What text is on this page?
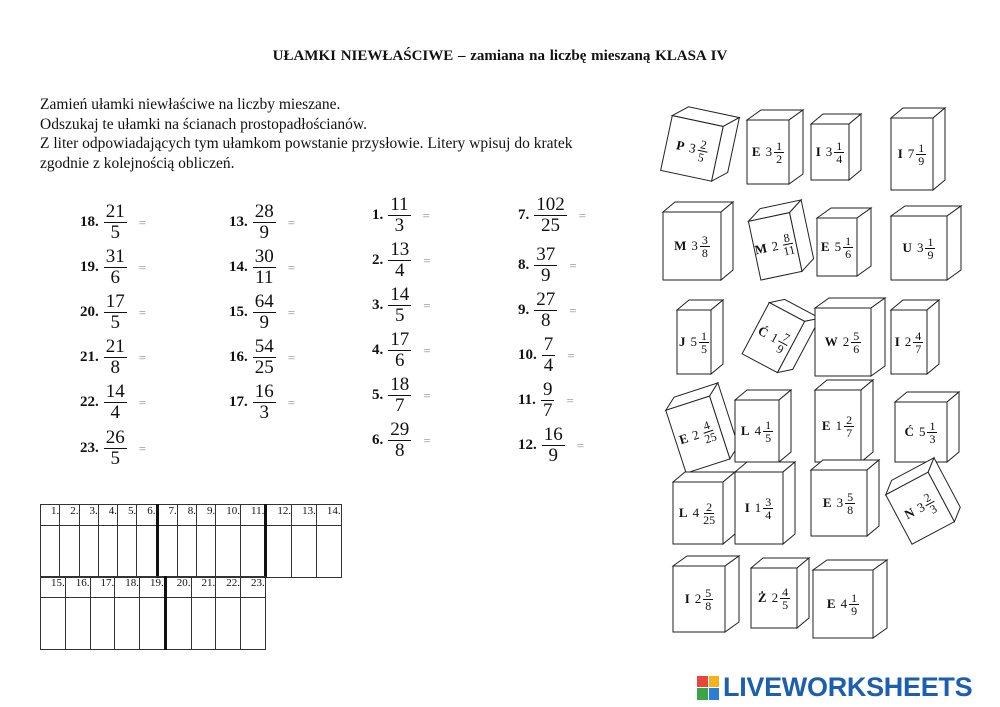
UŁAMKI NIEWŁAŚCIWE – zamiana na liczbę mieszaną KLASA IV
Zamień ułamki niewłaściwe na liczby mieszane.
Odszukaj te ułamki na ścianach prostopadłościanów.
Z liter odpowiadających tym ułamkom powstanie przysłowie. Litery wpisuj do kratek
zgodnie z kolejnością obliczeń.
18. $\frac{21}{5}$ =
19. $\frac{31}{6}$ =
20. $\frac{17}{5}$ =
21. $\frac{21}{8}$ =
22. $\frac{14}{4}$ =
23. $\frac{26}{5}$ =
13. $\frac{28}{9}$ =
14. $\frac{30}{11}$ =
15. $\frac{64}{9}$ =
16. $\frac{54}{25}$ =
17. $\frac{16}{3}$ =
1. $\frac{11}{3}$ =
2. $\frac{13}{4}$ =
3. $\frac{14}{5}$ =
4. $\frac{17}{6}$ =
5. $\frac{18}{7}$ =
6. $\frac{29}{8}$ =
7. $\frac{102}{25}$ =
8. $\frac{37}{9}$ =
9. $\frac{27}{8}$ =
10. $\frac{7}{4}$ =
11. $\frac{9}{7}$ =
12. $\frac{16}{9}$ =
1.	2.	3.	4.	5.	6.	7.	8.	9.	10.	11.	12.	13.	14.

15.	16.	17.	18.	19.	20.	21.	22.	23.

P 3
$\frac{2}{5}$	E $3 \frac{1}{2}$ I $3 \frac{1}{4}$	I $7 \frac{1}{9}$
M $3 \frac{3}{8}$	M 2
$\frac{8}{11}$ E $5 \frac{1}{6}$	U $3 \frac{1}{9}$
J $5 \frac{1}{5}$	Ć
1 7
9	W $2 \frac{5}{6}$	I $2 \frac{4}{7}$
E 2
4
25 L $4 \frac{1}{5}$	E $1 \frac{2}{7}$	Ć $5 \frac{1}{3}$
L $4 \frac{2}{25}$ I $1 \frac{3}{4}$	E $3 \frac{5}{8}$	N
3
2
3
I $2 \frac{5}{8}$	Ż $2 \frac{4}{5}$	E $4 \frac{1}{9}$
LIVEWORKSHEETS
